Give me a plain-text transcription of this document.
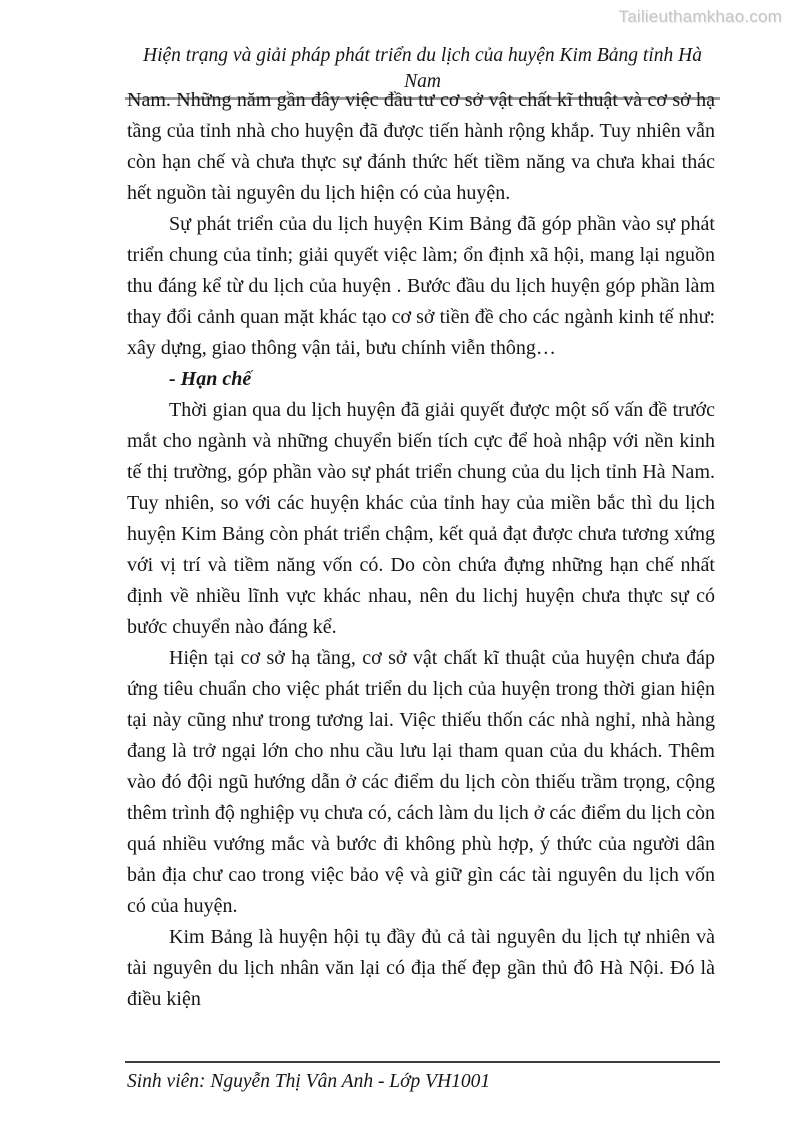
Tailieuthamkhao.com
Hiện trạng và giải pháp phát triển du lịch của huyện Kim Bảng tỉnh Hà Nam

Nam. Những năm gần đây việc đầu tư cơ sở vật chất kĩ thuật và cơ sở hạ tầng của tỉnh nhà cho huyện đã được tiến hành rộng khắp. Tuy nhiên vẫn còn hạn chế và chưa thực sự đánh thức hết tiềm năng va chưa khai thác hết nguồn tài nguyên du lịch hiện có của huyện.

Sự phát triển của du lịch huyện Kim Bảng đã góp phần vào sự phát triển chung của tỉnh; giải quyết việc làm; ổn định xã hội, mang lại nguồn thu đáng kể từ du lịch của huyện . Bước đầu du lịch huyện góp phần làm thay đổi cảnh quan mặt khác tạo cơ sở tiền đề cho các ngành kinh tế như: xây dựng, giao thông vận tải, bưu chính viễn thông…

- Hạn chế

Thời gian qua du lịch huyện đã giải quyết được một số vấn đề trước mắt cho ngành và những chuyển biến tích cực để hoà nhập với nền kinh tế thị trường, góp phần vào sự phát triển chung của du lịch tỉnh Hà Nam. Tuy nhiên, so với các huyện khác của tỉnh hay của miền bắc thì du lịch huyện Kim Bảng còn phát triển chậm, kết quả đạt được chưa tương xứng với vị trí và tiềm năng vốn có. Do còn chứa đựng những hạn chế nhất định về nhiều lĩnh vực khác nhau, nên du lichj huyện chưa thực sự có bước chuyển nào đáng kể.

Hiện tại cơ sở hạ tầng, cơ sở vật chất kĩ thuật của huyện chưa đáp ứng tiêu chuẩn cho việc phát triển du lịch của huyện trong thời gian hiện tại này cũng như trong tương lai. Việc thiếu thốn các nhà nghỉ, nhà hàng đang là trở ngại lớn cho nhu cầu lưu lại tham quan của du khách. Thêm vào đó đội ngũ hướng dẫn ở các điểm du lịch còn thiếu trầm trọng, cộng thêm trình độ nghiệp vụ chưa có, cách làm du lịch ở các điểm du lịch còn quá nhiều vướng mắc và bước đi không phù hợp, ý thức của người dân bản địa chư cao trong việc bảo vệ và giữ gìn các tài nguyên du lịch vốn có của huyện.

Kim Bảng là huyện hội tụ đầy đủ cả tài nguyên du lịch tự nhiên và tài nguyên du lịch nhân văn lại có địa thế đẹp gần thủ đô Hà Nội. Đó là điều kiện

Sinh viên: Nguyễn Thị Vân Anh - Lớp VH1001
